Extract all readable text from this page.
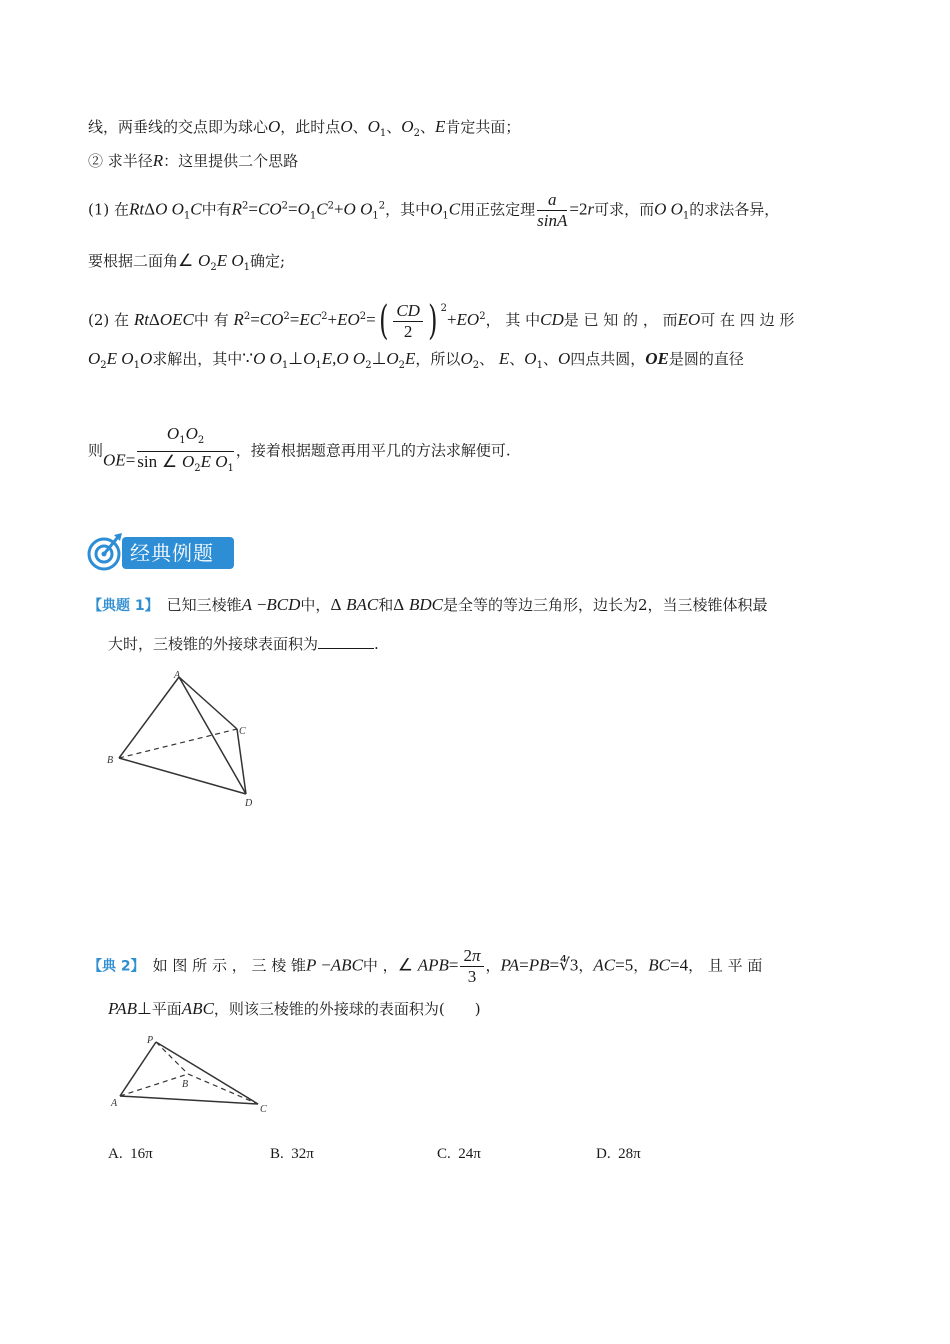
线，两垂线的交点即为球心O，此时点O、$O_1$、$O_2$、E肯定共面；
② 求半径R：这里提供二个思路
(1) 在RtΔO $O_1C$中有$R^2=CO^2=O_1C^2+O$ $O_1^2$，其中$O_1C$用正弦定理 $\frac{a}{\sin A} =2r$可求，而O $O_1$的求法各异，
要根据二面角∠ $O_2E$ $O_1$确定;
(2) 在 RtΔOEC中 有 $R^2=CO^2=EC^2+EO^2=( \frac{CD}{2}$ ) $^2+EO^2$， 其 中CD是 已 知 的 ， 而EO可 在 四 边 形
$O_2E$ $O_1O$求解出，其中∵O $O_1\perp O_1E,O$ $O_2\perp O_2E$，所以$O_2$、 E、$O_1$、O四点共圆，OE是圆的直径
则$OE= \frac{O_1O_2}{\sin \angle O_2E O_1}$ ，接着根据题意再用平几的方法求解便可.
经典例题
【典题 1】　 已知三棱锥A −BCD中，Δ BAC和Δ BDC是全等的等边三角形，边长为2，当三棱锥体积最
大时，三棱锥的外接球表面积为	.
A
B
C
D
【典 2】　 如 图 所 示 ， 三 棱 锥P −ABC中 ，∠ $APB= \frac{2\pi}{3}$ ，PA=PB=∜3，AC=5，BC=4， 且 平 面
PAB⊥平面ABC，则该三棱锥的外接球的表面积为(　　)
P
A
B
C
A. 16π	B. 32π	C. 24π	D. 28π
